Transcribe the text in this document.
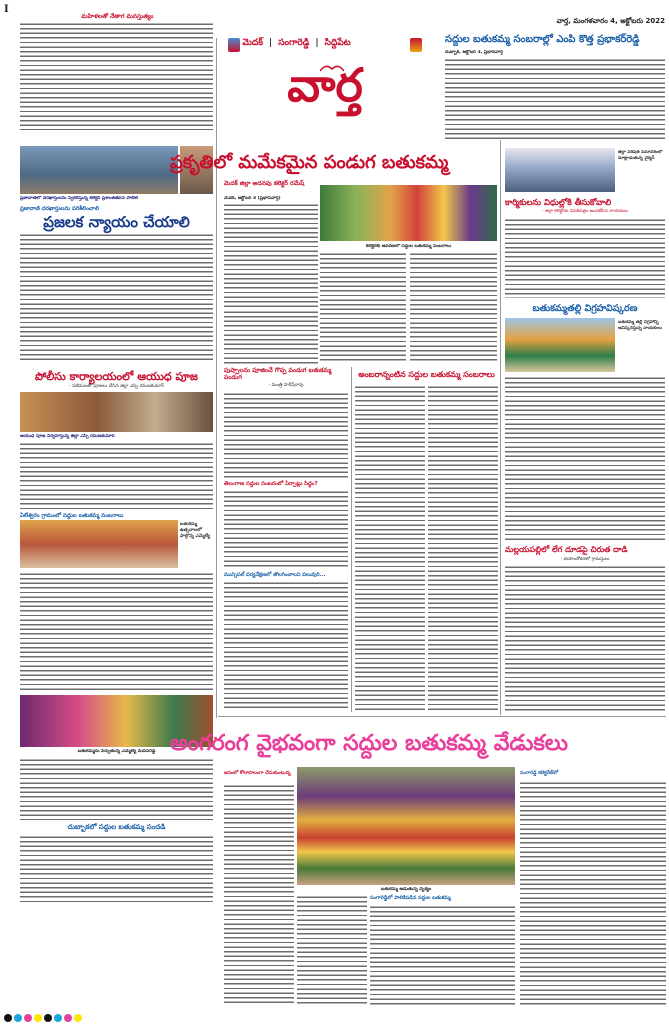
I
మహిళలతో నేతాగ మనస్తుత్యం
ప్రజావాణిలో దరఖాస్తులను స్వీకరిస్తున్న కలెక్టర్ ప్రశాంత్‌జీవన్ పాటిల్
ప్రజావాణి దరఖాస్తులను పరిశీలించాలి
ప్రజలక న్యాయం చేయాలి
పోలీసు కార్యాలయంలో ఆయుధ పూజ
- పటిమలతో పూజలు చేసిన జిల్లా ఎస్పి రమణకుమార్
ఆయుధ పూజ నిర్వహిస్తున్న జిల్లా ఎస్పి రమణకుమార్
ఏలేశ్వరం గ్రామంలో సద్దుల బతుకమ్మ సంబరాలు
బతుకమ్మ ఉత్సవాలలో పాల్గొన్న ఎమ్మెల్యే
బతుకమ్మను పేర్చుతున్న ఎమ్మెల్యే మదన్‌రెడ్డి
దుబ్బాకలో సద్దుల బతుకమ్మ సందడి
మెదక్ | సంగారెడ్డి | సిద్దిపేట
వార్త
వార్త, మంగళవారం 4, అక్టోబరు 2022
సద్దుల బతుకమ్మ సంబరాల్లో ఎంపి కొత్త ప్రభాకర్‌రెడ్డి
దుబ్బాక, అక్టోబర్ 3, ప్రభానవార్త
ప్రకృతిలో మమేకమైన పండుగ బతుకమ్మ
మెదక్ జిల్లా అదనపు కలెక్టర్ రమేష్
మెదక్, అక్టోబర్ 3 (ప్రభానవార్త)
కలెక్టరేట్ ఆవరణలో సద్దుల బతుకమ్మ సంబరాలు
పుష్పాలను పూజించే గొప్ప పండుగ బతుకమ్మ పండుగ
- మంత్రి హరీష్‌రావు
తెలంగాణ సద్దుల సంబరంలో ఏర్పాట్లు సిద్ధం?
మున్సిపల్ పర్యవేక్షణలో తొలగించాలని పలువురి...
అంబరాన్నంటిన సద్దుల బతుకమ్మ సంబరాలు
జిల్లా పరిషత్ సమావేశంలో మాట్లాడుతున్న చైర్మన్
కార్మికులను విధుల్లోకి తీసుకోవాలి
- జిల్లా కలెక్టర్‌కు వినతిపత్రం అందజేసిన నాయకులు
బతుకమ్మతల్లి విగ్రహవిష్కరణ
బతుకమ్మ తల్లి విగ్రహాన్ని ఆవిష్కరిస్తున్న నాయకులు
మల్లయపల్లిలో లేగ దూడపై చిరుత దాడి
- భయాందోళనలో గ్రామస్తులు
అంగరంగ వైభవంగా సద్దుల బతుకమ్మ వేడుకలు
జనంలో కోలాహలంగా చేసుకుంటున్న
బతుకమ్మ ఆడుతున్న దృశ్యం
సంగారెడ్డిలో పాలికిపడిన సద్దుల బతుకమ్మ
సంగారెడ్డి కలెక్టరేట్‌లో
